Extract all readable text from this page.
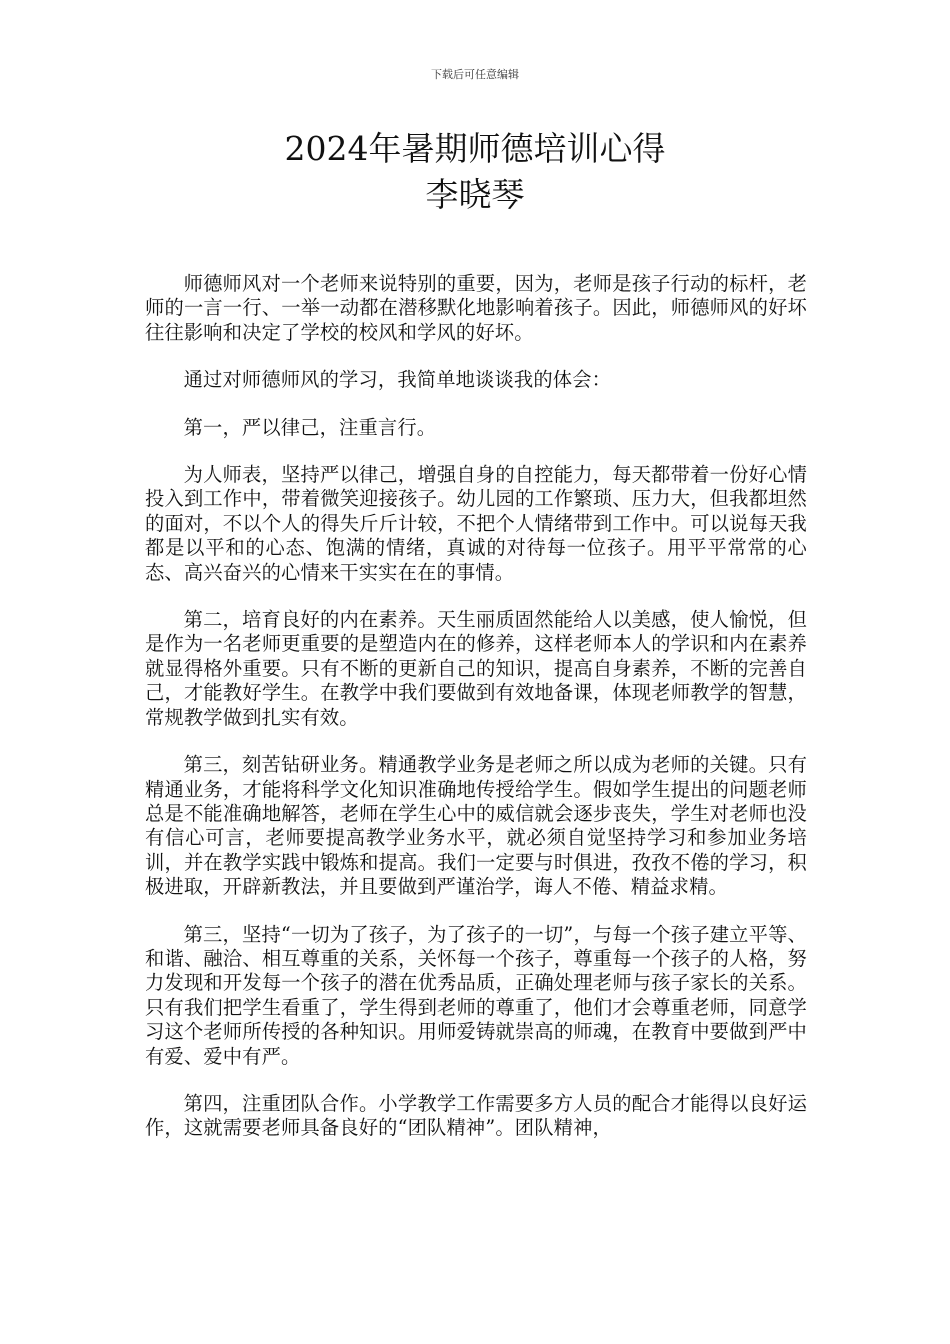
下载后可任意编辑
2024年暑期师德培训心得
李晓琴

师德师风对一个老师来说特别的重要，因为，老师是孩子行动的标杆，老师的一言一行、一举一动都在潜移默化地影响着孩子。因此，师德师风的好坏往往影响和决定了学校的校风和学风的好坏。

通过对师德师风的学习，我简单地谈谈我的体会：

第一，严以律己，注重言行。

为人师表，坚持严以律己，增强自身的自控能力，每天都带着一份好心情投入到工作中，带着微笑迎接孩子。幼儿园的工作繁琐、压力大，但我都坦然的面对，不以个人的得失斤斤计较，不把个人情绪带到工作中。可以说每天我都是以平和的心态、饱满的情绪，真诚的对待每一位孩子。用平平常常的心态、高兴奋兴的心情来干实实在在的事情。

第二，培育良好的内在素养。天生丽质固然能给人以美感，使人愉悦，但是作为一名老师更重要的是塑造内在的修养，这样老师本人的学识和内在素养就显得格外重要。只有不断的更新自己的知识，提高自身素养，不断的完善自己，才能教好学生。在教学中我们要做到有效地备课，体现老师教学的智慧，常规教学做到扎实有效。

第三，刻苦钻研业务。精通教学业务是老师之所以成为老师的关键。只有精通业务，才能将科学文化知识准确地传授给学生。假如学生提出的问题老师总是不能准确地解答，老师在学生心中的威信就会逐步丧失，学生对老师也没有信心可言，老师要提高教学业务水平，就必须自觉坚持学习和参加业务培训，并在教学实践中锻炼和提高。我们一定要与时俱进，孜孜不倦的学习，积极进取，开辟新教法，并且要做到严谨治学，诲人不倦、精益求精。

第三，坚持“一切为了孩子，为了孩子的一切”，与每一个孩子建立平等、和谐、融洽、相互尊重的关系，关怀每一个孩子，尊重每一个孩子的人格，努力发现和开发每一个孩子的潜在优秀品质，正确处理老师与孩子家长的关系。只有我们把学生看重了，学生得到老师的尊重了，他们才会尊重老师，同意学习这个老师所传授的各种知识。用师爱铸就崇高的师魂，在教育中要做到严中有爱、爱中有严。

第四，注重团队合作。小学教学工作需要多方人员的配合才能得以良好运作，这就需要老师具备良好的“团队精神”。团队精神，
